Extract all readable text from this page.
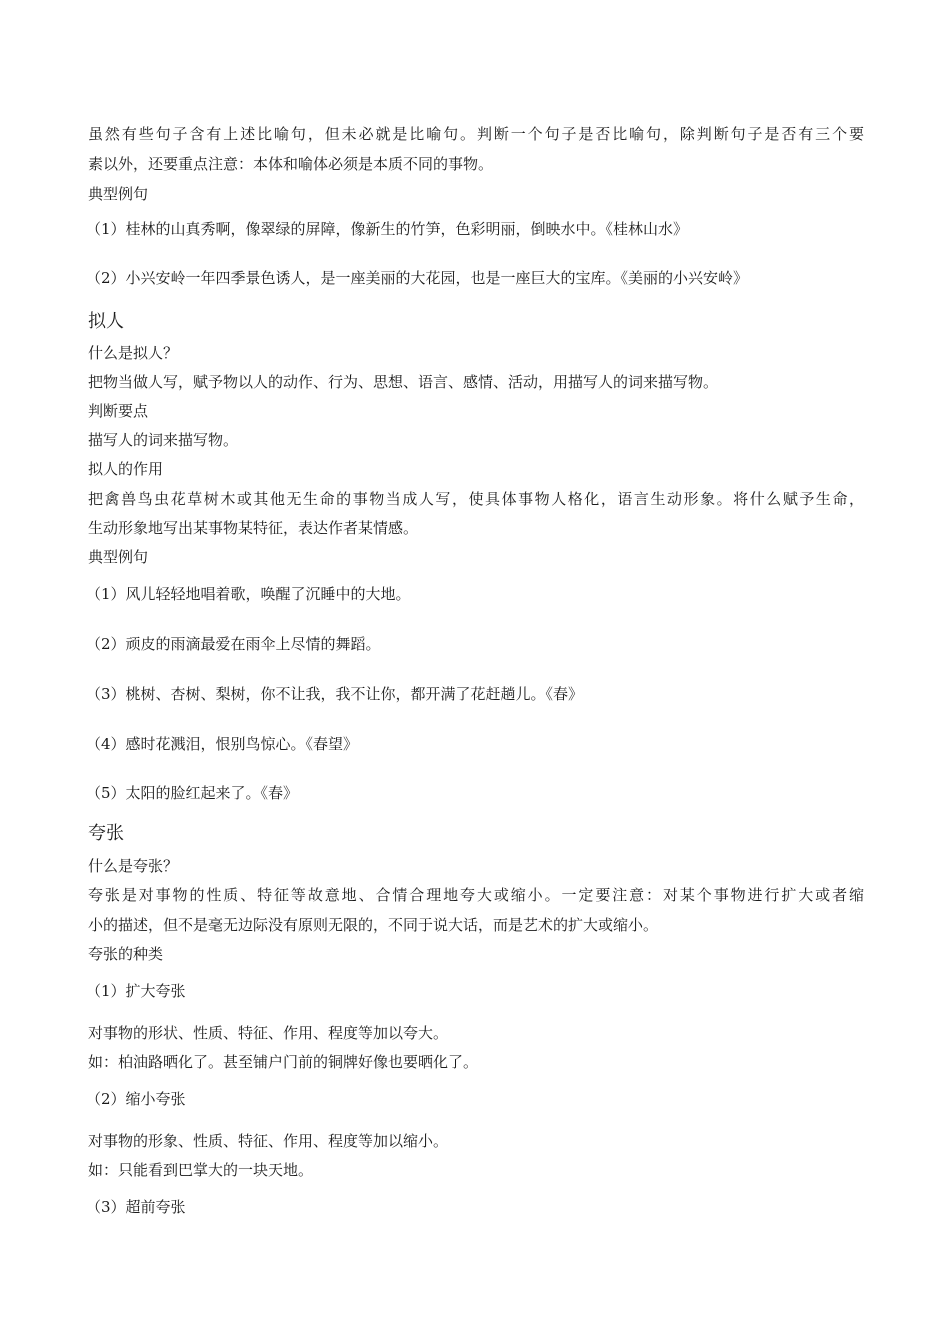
虽然有些句子含有上述比喻句，但未必就是比喻句。判断一个句子是否比喻句，除判断句子是否有三个要
素以外，还要重点注意：本体和喻体必须是本质不同的事物。
典型例句
（1）桂林的山真秀啊，像翠绿的屏障，像新生的竹笋，色彩明丽，倒映水中。《桂林山水》
（2）小兴安岭一年四季景色诱人，是一座美丽的大花园，也是一座巨大的宝库。《美丽的小兴安岭》
拟人
什么是拟人？
把物当做人写，赋予物以人的动作、行为、思想、语言、感情、活动，用描写人的词来描写物。
判断要点
描写人的词来描写物。
拟人的作用
把禽兽鸟虫花草树木或其他无生命的事物当成人写，使具体事物人格化，语言生动形象。将什么赋予生命，
生动形象地写出某事物某特征，表达作者某情感。
典型例句
（1）风儿轻轻地唱着歌，唤醒了沉睡中的大地。
（2）顽皮的雨滴最爱在雨伞上尽情的舞蹈。
（3）桃树、杏树、梨树，你不让我，我不让你，都开满了花赶趟儿。《春》
（4）感时花溅泪，恨别鸟惊心。《春望》
（5）太阳的脸红起来了。《春》
夸张
什么是夸张？
夸张是对事物的性质、特征等故意地、合情合理地夸大或缩小。一定要注意：对某个事物进行扩大或者缩
小的描述，但不是毫无边际没有原则无限的，不同于说大话，而是艺术的扩大或缩小。
夸张的种类
（1）扩大夸张
对事物的形状、性质、特征、作用、程度等加以夸大。
如：柏油路晒化了。甚至铺户门前的铜牌好像也要晒化了。
（2）缩小夸张
对事物的形象、性质、特征、作用、程度等加以缩小。
如：只能看到巴掌大的一块天地。
（3）超前夸张
